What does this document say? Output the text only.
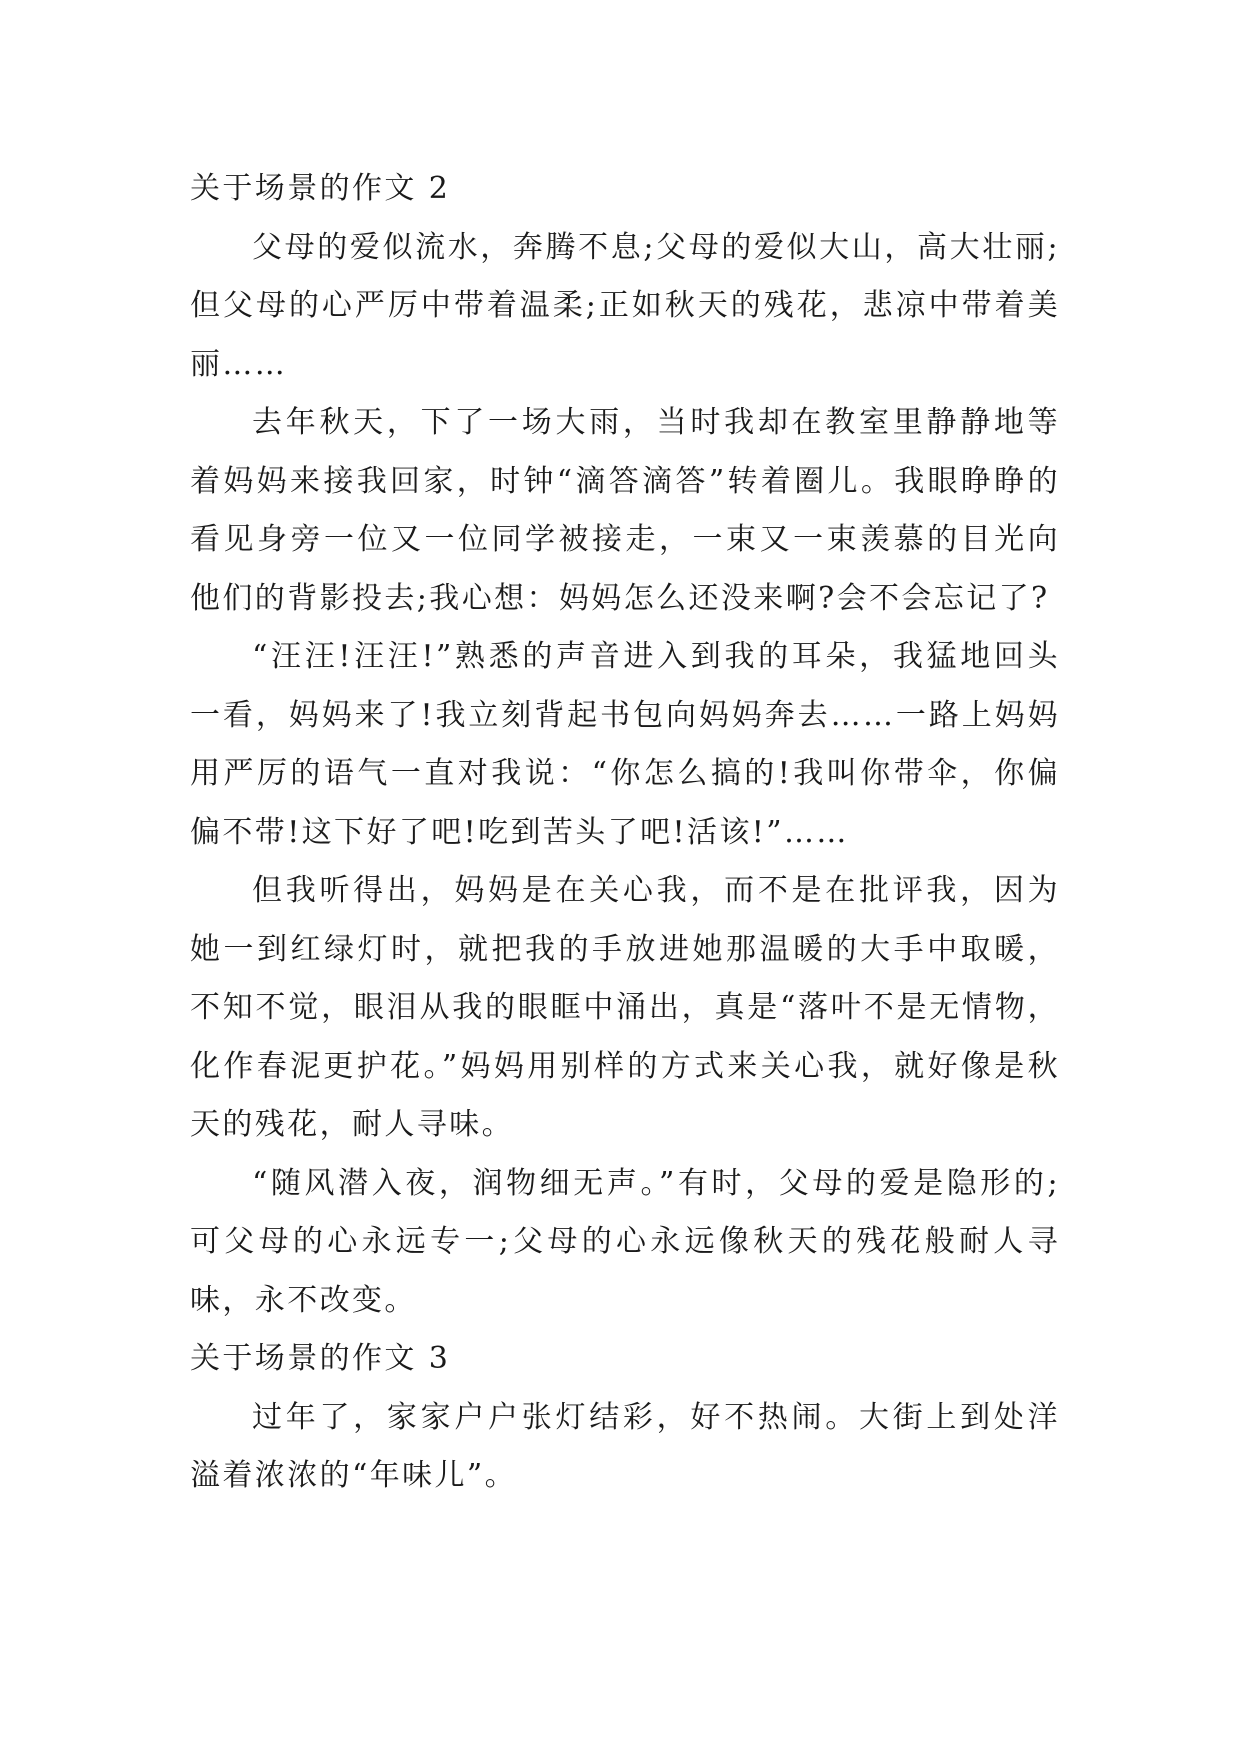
关于场景的作文 2

父母的爱似流水，奔腾不息;父母的爱似大山，高大壮丽;但父母的心严厉中带着温柔;正如秋天的残花，悲凉中带着美丽……

去年秋天，下了一场大雨，当时我却在教室里静静地等着妈妈来接我回家，时钟“滴答滴答”转着圈儿。我眼睁睁的看见身旁一位又一位同学被接走，一束又一束羡慕的目光向他们的背影投去;我心想：妈妈怎么还没来啊?会不会忘记了?

“汪汪!汪汪!”熟悉的声音进入到我的耳朵，我猛地回头一看，妈妈来了!我立刻背起书包向妈妈奔去……一路上妈妈用严厉的语气一直对我说：“你怎么搞的!我叫你带伞，你偏偏不带!这下好了吧!吃到苦头了吧!活该!”……

但我听得出，妈妈是在关心我，而不是在批评我，因为她一到红绿灯时，就把我的手放进她那温暖的大手中取暖，不知不觉，眼泪从我的眼眶中涌出，真是“落叶不是无情物，化作春泥更护花。”妈妈用别样的方式来关心我，就好像是秋天的残花，耐人寻味。

“随风潜入夜，润物细无声。”有时，父母的爱是隐形的;可父母的心永远专一;父母的心永远像秋天的残花般耐人寻味，永不改变。

关于场景的作文 3

过年了，家家户户张灯结彩，好不热闹。大街上到处洋溢着浓浓的“年味儿”。
